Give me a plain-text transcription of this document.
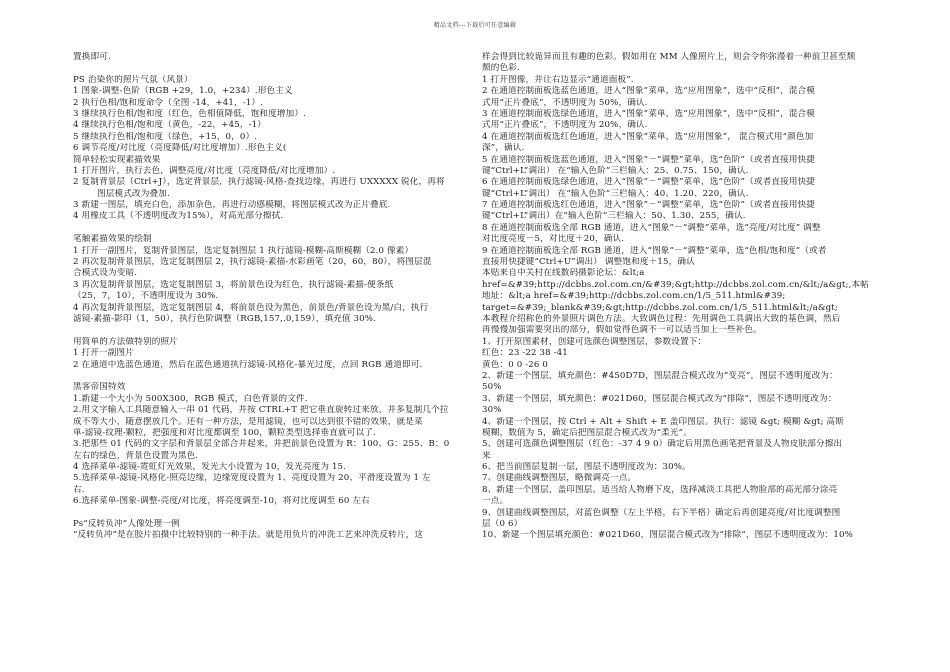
精品文档---下载后可任意编辑
置换即可.
PS 治染你的照片气氛（风景）
1 图象-调整-色阶（RGB +29，1.0，+234）.形色主义
2 执行色相/饱和度命令（全图 -14，+41，-1）.
3 继续执行色相/饱和度（红色，色相值降低，饱和度增加）.
4 继续执行色相/饱和度（黄色，-22，+45，-1）
5 继续执行色相/饱和度（绿色，+15，0，0）.
6 调节亮度/对比度（亮度降低/对比度增加）.形色主义(
简单轻松实现素描效果
1 打开图片，执行去色，调整亮度/对比度（亮度降低/对比度增加）.
2 复制背景层（Ctrl+J），选定背景层，执行滤镜-风格-查找边缘，再进行 UXXXXX 锐化，再将
图层模式改为叠加.
3 新建一图层，填充白色，添加杂色，再进行动感模糊，将图层模式改为正片叠底.
4 用橡皮工具（不透明度改为15%），对高光部分擦拭.
笔触素描效果的绘制
1 打开一副图片，复制背景图层，选定复制图层 1 执行滤镜-模糊-高斯模糊（2.0 像素）
2 再次复制背景图层，选定复制图层 2，执行滤镜-素描-水彩画笔（20，60，80），将图层混
合模式设为变暗.
3 再次复制背景图层，选定复制图层 3，将前景色设为红色，执行滤镜-素描-便条纸
（25，7，10），不透明度设为 30%.
4 再次复制背景图层，选定复制图层 4，将前景色设为黑色，前景色/背景色设为黑/白，执行
滤镜-素描-影印（1，50），执行色阶调整（RGB,157,.0,159），填充值 30%.
用简单的方法做特别的照片
1 打开一副图片
2 在通道中选蓝色通道，然后在蓝色通道执行滤镜-风格化-暴光过度，点回 RGB 通道即可.
黑客帝国特效
1.新建一个大小为 500X300，RGB 模式，白色背景的文件.
2.用文字输入工具随意输入一串 01 代码，并按 CTRL+T 把它垂直旋转过来放，并多复制几个拉
成不等大小，随意摆放几个。还有一种方法，是用滤镜，也可以达到很不错的效果，就是菜
单-滤镜-纹理-颗粒，把强度和对比度都调至 100，颗粒类型选择垂直就可以了.
3.把那些 01 代码的文字层和背景层全部合并起来，并把前景色设置为 R：100、G：255、B：0
左右的绿色，背景色设置为黑色.
4 选择菜单-滤镜-霓虹灯光效果，发光大小设置为 10，发光亮度为 15.
5.选择菜单-滤镜-风格化-照亮边缘，边缘宽度设置为 1、亮度设置为 20、平滑度设置为 1 左
右.
6.选择菜单-图象-调整-亮度/对比度，将亮度调至-10，将对比度调至 60 左右
Ps“反转负冲”人像处理一例
“反转负冲”是在胶片拍摄中比较特别的一种手法。就是用负片的冲洗工艺来冲洗反转片，这
样会得到比较诡异而且有趣的色彩。假如用在 MM 人像照片上，则会令你弥漫着一种前卫甚至颓
颓的色彩.
1 打开图像，并让右边显示“通道面板”.
2 在通道控制面板选蓝色通道，进入“图象”菜单，选“应用图象”，选中“反相”，混合模
式用“正片叠底”，不透明度为 50%，确认.
3 在通道控制面板选绿色通道，进入“图象”菜单，选“应用图象”，选中“反相”，混合模
式用“正片叠底”，不透明度为 20%，确认.
4 在通道控制面板选红色通道，进入“图象”菜单，选“应用图象”， 混合模式用“颜色加
深”，确认.
5 在通道控制面板选蓝色通道，进入“图象”－“调整”菜单，选“色阶”（或者直接用快捷
键“Ctrl+L”调出） 在“输入色阶”三栏输入：25、0.75、150，确认.
6 在通道控制面板选绿色通道，进入“图象”－“调整”菜单，选“色阶”（或者直接用快捷
键“Ctrl+L”调出） 在“输入色阶”三栏输入：40、1.20、220，确认.
7 在通道控制面板选红色通道，进入“图象”－“调整”菜单，选“色阶”（或者直接用快捷
键“Ctrl+L”调出）在“输入色阶”三栏输入：50、1.30、255，确认.
8 在通道控制面板选全部 RGB 通道，进入“图象”－“调整”菜单，选“亮度/对比度” 调整
对比度亮度－5，对比度＋20，确认.
9 在通道控制面板选全部 RGB 通道，进入“图象”－“调整”菜单，选“色相/饱和度”（或者
直接用快捷键“Ctrl+U”调出） 调整饱和度＋15，确认
本贴来自中关村在线数码摄影论坛：&lt;a
href=&#39;http://dcbbs.zol.com.cn/&#39;&gt;http://dcbbs.zol.com.cn/&lt;/a&gt;,本帖
地址：&lt;a href=&#39;http://dcbbs.zol.com.cn/1/5_511.html&#39;
target=&#39;_blank&#39;&gt;http://dcbbs.zol.com.cn/1/5_511.html&lt;/a&gt;
本教程介绍称色的外景照片调色方法。大致调色过程：先用调色工具调出大致的基色调，然后
再慢慢加强需要突出的部分，假如觉得色调不一可以适当加上一些补色。
1、打开原图素材，创建可选颜色调整图层，参数设置下：
红色：23 -22 38 -41
黄色：0 0 -26 0
2、新建一个图层，填充颜色：#450D7D，图层混合模式改为“变亮”，图层不透明度改为：
50%
3、新建一个图层，填充颜色：#021D60，图层混合模式改为“排除”，图层不透明度改为：
30%
4、新建一个图层，按 Ctrl + Alt + Shift + E 盖印图层。执行：滤镜 &gt; 模糊 &gt; 高斯
模糊，数值为 5，确定后把图层混合模式改为“柔光”。
5、创建可选颜色调整图层（红色：-37 4 9 0）确定后用黑色画笔把背景及人物皮肤部分擦出
来
6、把当前图层复制一层，图层不透明度改为：30%。
7、创建曲线调整图层，略微调亮一点。
8、新建一个图层，盖印图层。适当给人物磨下皮，选择减淡工具把人物脸部的高光部分涂亮
一点。
9、创建曲线调整图层，对蓝色调整（左上半格，右下半格）确定后再创建亮度/对比度调整图
层（0 6）
10、新建一个图层填充颜色：#021D60，图层混合模式改为“排除”，图层不透明度改为：10%
